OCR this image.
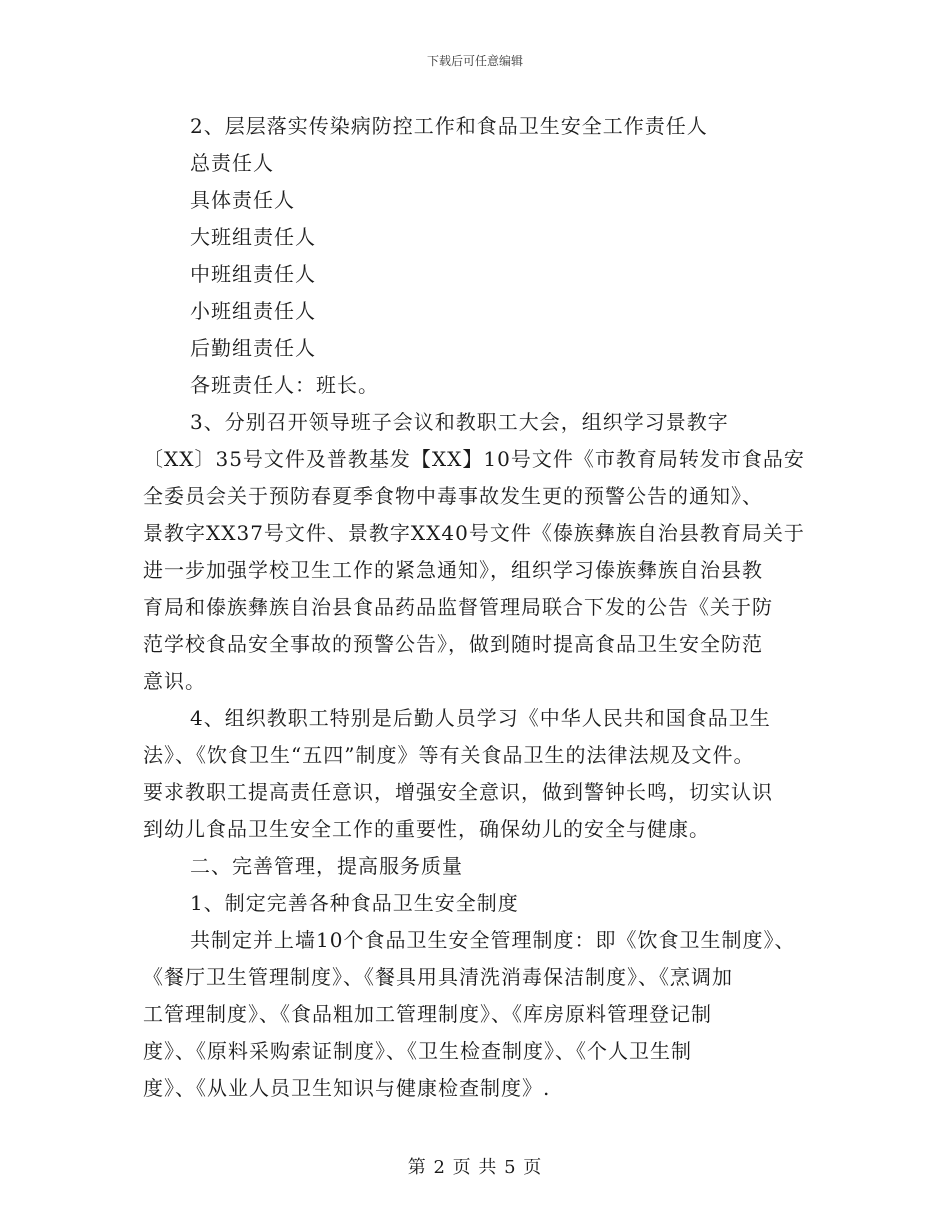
下载后可任意编辑
2、层层落实传染病防控工作和食品卫生安全工作责任人
总责任人
具体责任人
大班组责任人
中班组责任人
小班组责任人
后勤组责任人
各班责任人：班长。
3、分别召开领导班子会议和教职工大会，组织学习景教字
〔XX〕35号文件及普教基发【XX】10号文件《市教育局转发市食品安
全委员会关于预防春夏季食物中毒事故发生更的预警公告的通知》、
景教字XX37号文件、景教字XX40号文件《傣族彝族自治县教育局关于
进一步加强学校卫生工作的紧急通知》，组织学习傣族彝族自治县教
育局和傣族彝族自治县食品药品监督管理局联合下发的公告《关于防
范学校食品安全事故的预警公告》，做到随时提高食品卫生安全防范
意识。
4、组织教职工特别是后勤人员学习《中华人民共和国食品卫生
法》、《饮食卫生“五四”制度》等有关食品卫生的法律法规及文件。
要求教职工提高责任意识，增强安全意识，做到警钟长鸣，切实认识
到幼儿食品卫生安全工作的重要性，确保幼儿的安全与健康。
二、完善管理，提高服务质量
1、制定完善各种食品卫生安全制度
共制定并上墙10个食品卫生安全管理制度：即《饮食卫生制度》、
《餐厅卫生管理制度》、《餐具用具清洗消毒保洁制度》、《烹调加
工管理制度》、《食品粗加工管理制度》、《库房原料管理登记制
度》、《原料采购索证制度》、《卫生检查制度》、《个人卫生制
度》、《从业人员卫生知识与健康检查制度》.
第 2 页 共 5 页
